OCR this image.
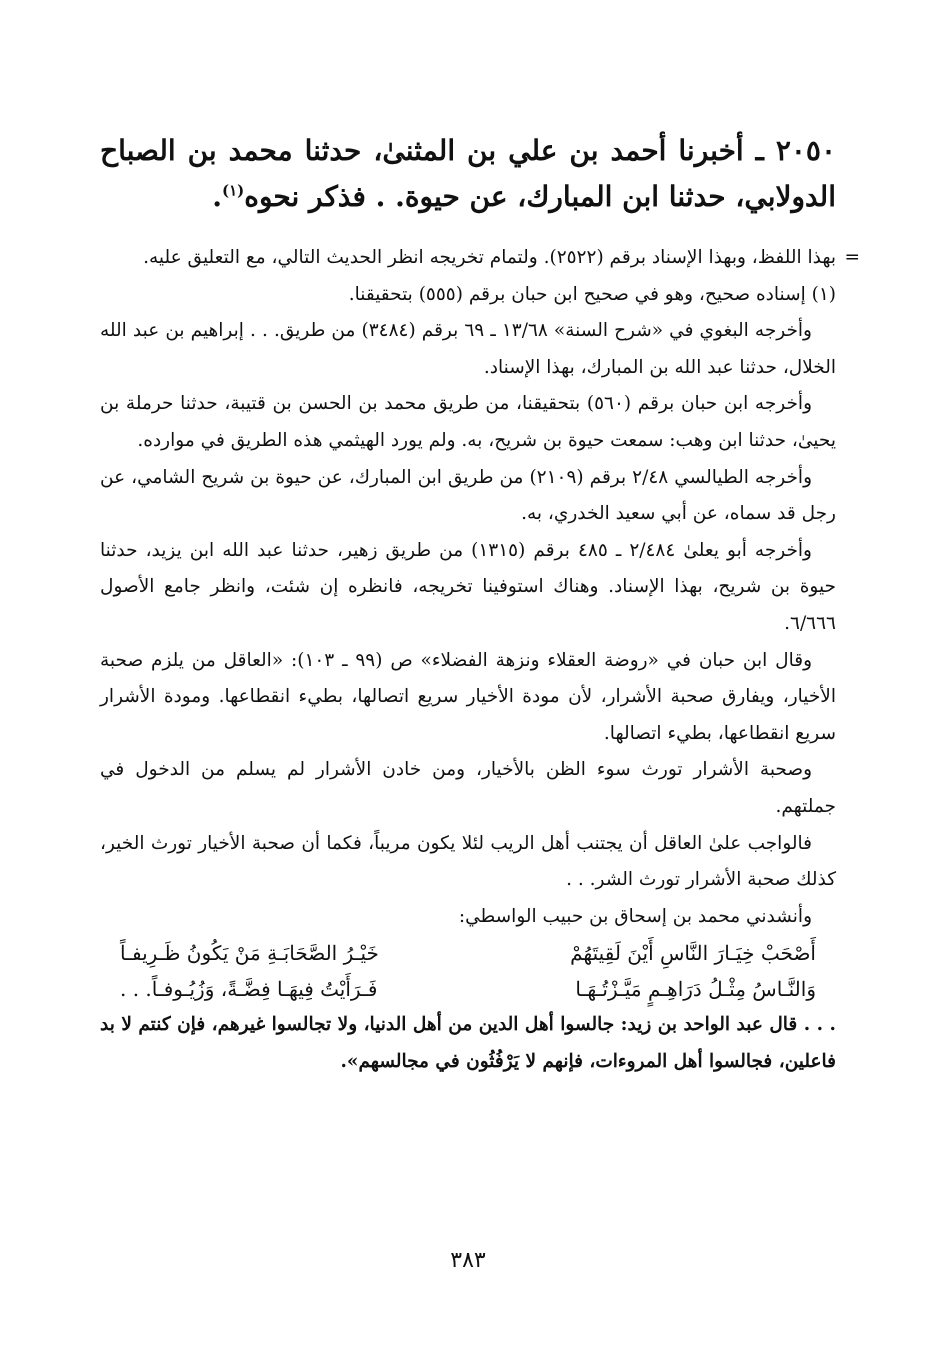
٢٠٥٠ ـ أخبرنا أحمد بن علي بن المثنىٰ، حدثنا محمد بن الصباح الدولابي، حدثنا ابن المبارك، عن حيوة. . فذكر نحوه$^{(١)}$.

=
بهذا اللفظ، وبهذا الإسناد برقم (٢٥٢٢). ولتمام تخريجه انظر الحديث التالي، مع التعليق عليه.

(١) إسناده صحيح، وهو في صحيح ابن حبان برقم (٥٥٥) بتحقيقنا.

وأخرجه البغوي في «شرح السنة» ١٣/٦٨ ـ ٦٩ برقم (٣٤٨٤) من طريق. . . إبراهيم بن عبد الله الخلال، حدثنا عبد الله بن المبارك، بهذا الإسناد.

وأخرجه ابن حبان برقم (٥٦٠) بتحقيقنا، من طريق محمد بن الحسن بن قتيبة، حدثنا حرملة بن يحيىٰ، حدثنا ابن وهب: سمعت حيوة بن شريح، به. ولم يورد الهيثمي هذه الطريق في موارده.

وأخرجه الطيالسي ٢/٤٨ برقم (٢١٠٩) من طريق ابن المبارك، عن حيوة بن شريح الشامي، عن رجل قد سماه، عن أبي سعيد الخدري، به.

وأخرجه أبو يعلىٰ ٢/٤٨٤ ـ ٤٨٥ برقم (١٣١٥) من طريق زهير، حدثنا عبد الله ابن يزيد، حدثنا حيوة بن شريح، بهذا الإسناد. وهناك استوفينا تخريجه، فانظره إن شئت، وانظر جامع الأصول ٦/٦٦٦.

وقال ابن حبان في «روضة العقلاء ونزهة الفضلاء» ص (٩٩ ـ ١٠٣): «العاقل من يلزم صحبة الأخيار، ويفارق صحبة الأشرار، لأن مودة الأخيار سريع اتصالها، بطيء انقطاعها. ومودة الأشرار سريع انقطاعها، بطيء اتصالها.

وصحبة الأشرار تورث سوء الظن بالأخيار، ومن خادن الأشرار لم يسلم من الدخول في جملتهم.

فالواجب علىٰ العاقل أن يجتنب أهل الريب لئلا يكون مريباً، فكما أن صحبة الأخيار تورث الخير، كذلك صحبة الأشرار تورث الشر. . .

وأنشدني محمد بن إسحاق بن حبيب الواسطي:

أَصْحَبْ خِيَـارَ النَّاسِ أَيْنَ لَقِيتَهُمْ
خَيْـرُ الصَّحَابَـةِ مَنْ يَكُونُ ظَـرِيفـاً
وَالنَّـاسُ مِثْـلُ دَرَاهِـمٍ مَيَّـزْتُـهَـا
فَـرَأَيْتُ فِيهَـا فِضَّـةً، وَزُيُـوفـاً. . .

. . . قال عبد الواحد بن زيد: جالسوا أهل الدين من أهل الدنيا، ولا تجالسوا غيرهم، فإن كنتم لا بد فاعلين، فجالسوا أهل المروءات، فإنهم لا يَرْفُثُون في مجالسهم».

٣٨٣
